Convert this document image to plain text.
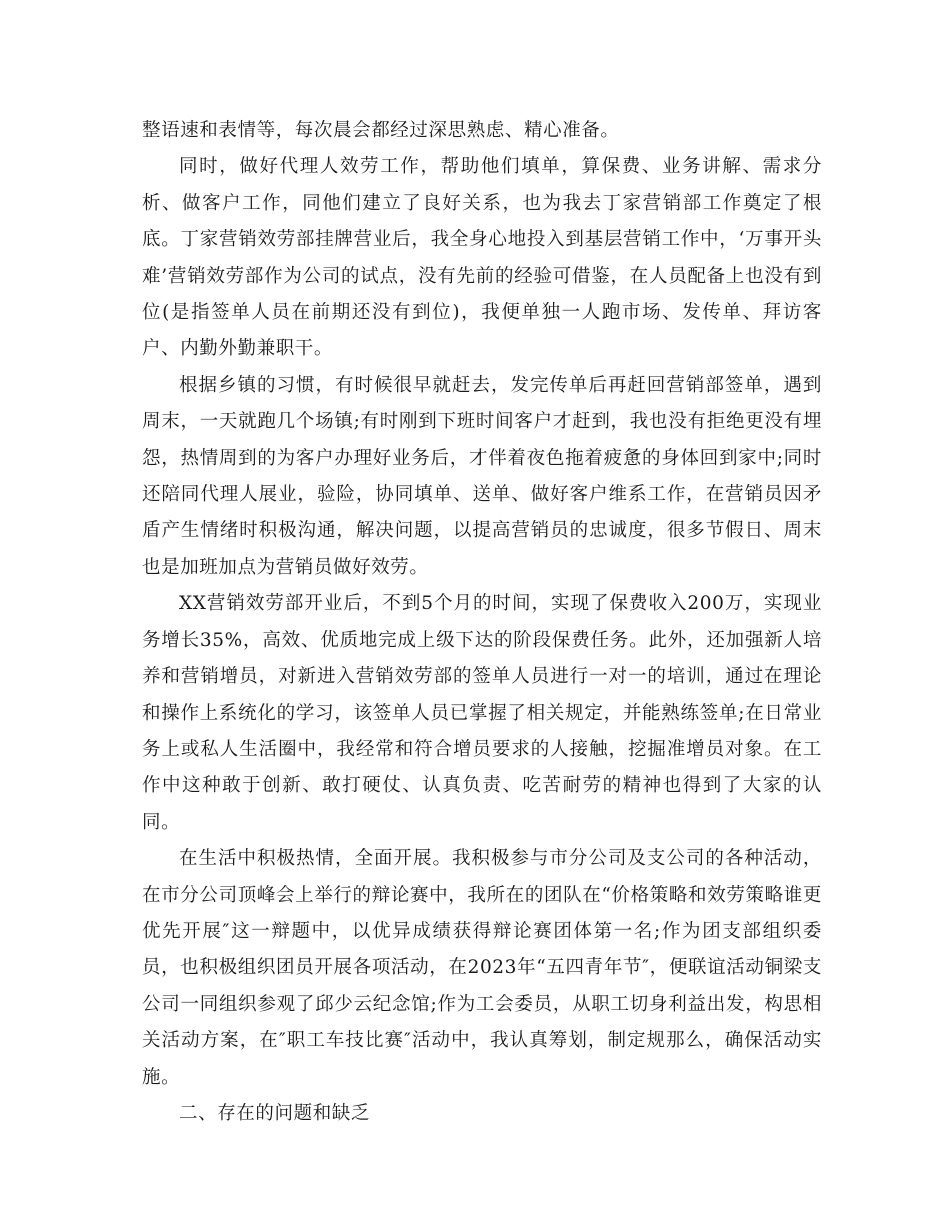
整语速和表情等，每次晨会都经过深思熟虑、精心准备。

同时，做好代理人效劳工作，帮助他们填单，算保费、业务讲解、需求分析、做客户工作，同他们建立了良好关系，也为我去丁家营销部工作奠定了根底。丁家营销效劳部挂牌营业后，我全身心地投入到基层营销工作中，‘万事开头难’营销效劳部作为公司的试点，没有先前的经验可借鉴，在人员配备上也没有到位(是指签单人员在前期还没有到位)，我便单独一人跑市场、发传单、拜访客户、内勤外勤兼职干。

根据乡镇的习惯，有时候很早就赶去，发完传单后再赶回营销部签单，遇到周末，一天就跑几个场镇;有时刚到下班时间客户才赶到，我也没有拒绝更没有埋怨，热情周到的为客户办理好业务后，才伴着夜色拖着疲惫的身体回到家中;同时还陪同代理人展业，验险，协同填单、送单、做好客户维系工作，在营销员因矛盾产生情绪时积极沟通，解决问题，以提高营销员的忠诚度，很多节假日、周末也是加班加点为营销员做好效劳。

XX营销效劳部开业后，不到5个月的时间，实现了保费收入200万，实现业务增长35%，高效、优质地完成上级下达的阶段保费任务。此外，还加强新人培养和营销增员，对新进入营销效劳部的签单人员进行一对一的培训，通过在理论和操作上系统化的学习，该签单人员已掌握了相关规定，并能熟练签单;在日常业务上或私人生活圈中，我经常和符合增员要求的人接触，挖掘准增员对象。在工作中这种敢于创新、敢打硬仗、认真负责、吃苦耐劳的精神也得到了大家的认同。

在生活中积极热情，全面开展。我积极参与市分公司及支公司的各种活动，在市分公司顶峰会上举行的辩论赛中，我所在的团队在“价格策略和效劳策略谁更优先开展″这一辩题中，以优异成绩获得辩论赛团体第一名;作为团支部组织委员，也积极组织团员开展各项活动，在2023年“五四青年节″，便联谊活动铜梁支公司一同组织参观了邱少云纪念馆;作为工会委员，从职工切身利益出发，构思相关活动方案，在″职工车技比赛″活动中，我认真筹划，制定规那么，确保活动实施。

二、存在的问题和缺乏
